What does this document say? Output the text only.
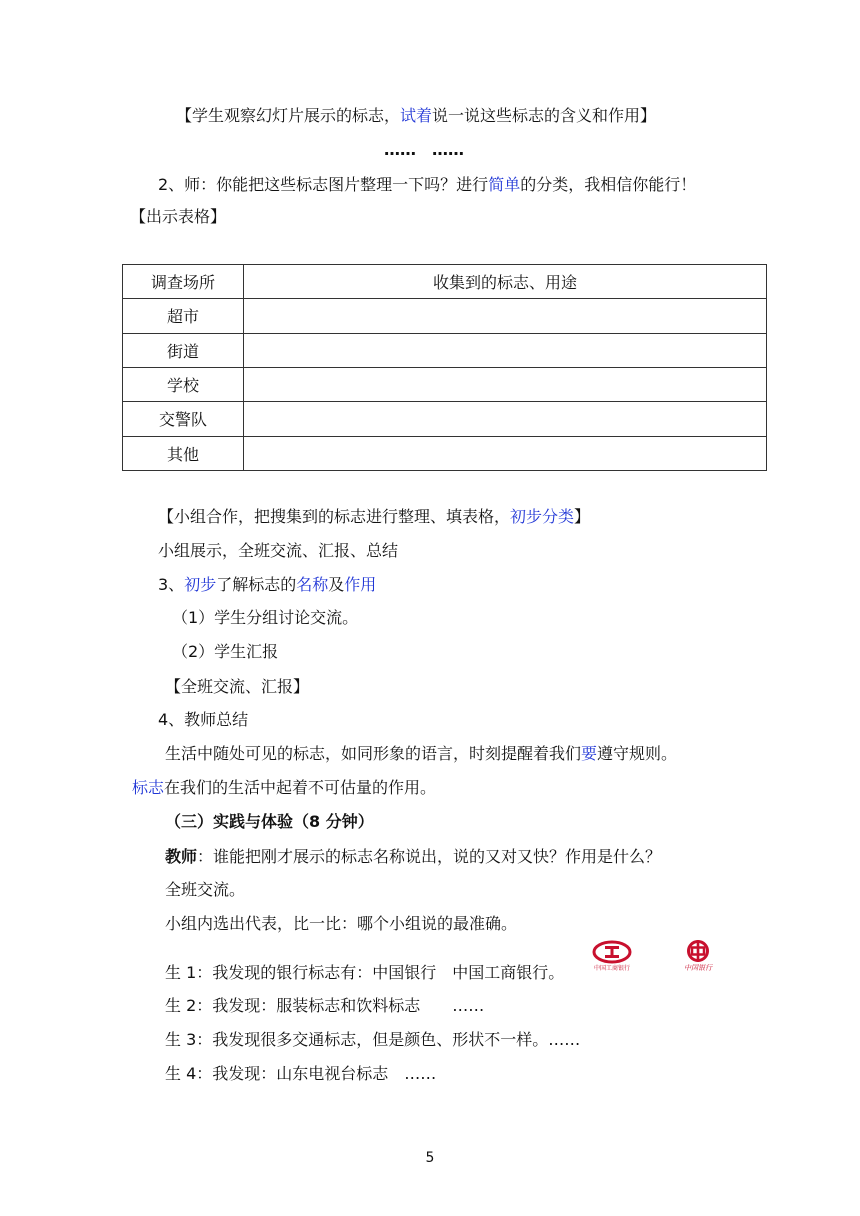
【学生观察幻灯片展示的标志，试着说一说这些标志的含义和作用】
……　……
2、师：你能把这些标志图片整理一下吗？进行简单的分类，我相信你能行！
【出示表格】
调查场所	收集到的标志、用途
超市	
街道	
学校	
交警队	
其他	
【小组合作，把搜集到的标志进行整理、填表格，初步分类】
小组展示，全班交流、汇报、总结
3、初步了解标志的名称及作用
（1）学生分组讨论交流。
（2）学生汇报
【全班交流、汇报】
4、教师总结
生活中随处可见的标志，如同形象的语言，时刻提醒着我们要遵守规则。
标志在我们的生活中起着不可估量的作用。
（三）实践与体验（8 分钟）
教师：谁能把刚才展示的标志名称说出，说的又对又快？作用是什么？
全班交流。
小组内选出代表，比一比：哪个小组说的最准确。
生 1：我发现的银行标志有：中国银行　中国工商银行。
生 2：我发现：服装标志和饮料标志　　……
生 3：我发现很多交通标志，但是颜色、形状不一样。……
生 4：我发现：山东电视台标志　……
中国工商银行	中国银行
5
